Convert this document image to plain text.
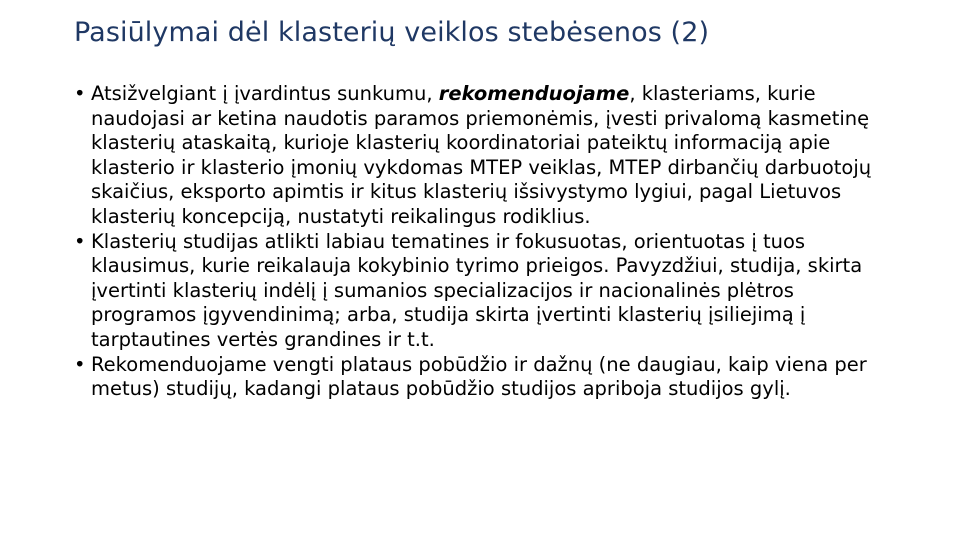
Pasiūlymai dėl klasterių veiklos stebėsenos (2)
• Atsižvelgiant į įvardintus sunkumu, rekomenduojame, klasteriams, kurie naudojasi ar ketina naudotis paramos priemonėmis, įvesti privalomą kasmetinę klasterių ataskaitą, kurioje klasterių koordinatoriai pateiktų informaciją apie klasterio ir klasterio įmonių vykdomas MTEP veiklas, MTEP dirbančių darbuotojų skaičius, eksporto apimtis ir kitus klasterių išsivystymo lygiui, pagal Lietuvos klasterių koncepciją, nustatyti reikalingus rodiklius.
• Klasterių studijas atlikti labiau tematines ir fokusuotas, orientuotas į tuos klausimus, kurie reikalauja kokybinio tyrimo prieigos. Pavyzdžiui, studija, skirta įvertinti klasterių indėlį į sumanios specializacijos ir nacionalinės plėtros programos įgyvendinimą; arba, studija skirta įvertinti klasterių įsiliejimą į tarptautines vertės grandines ir t.t.
• Rekomenduojame vengti plataus pobūdžio ir dažnų (ne daugiau, kaip viena per metus) studijų, kadangi plataus pobūdžio studijos apriboja studijos gylį.
